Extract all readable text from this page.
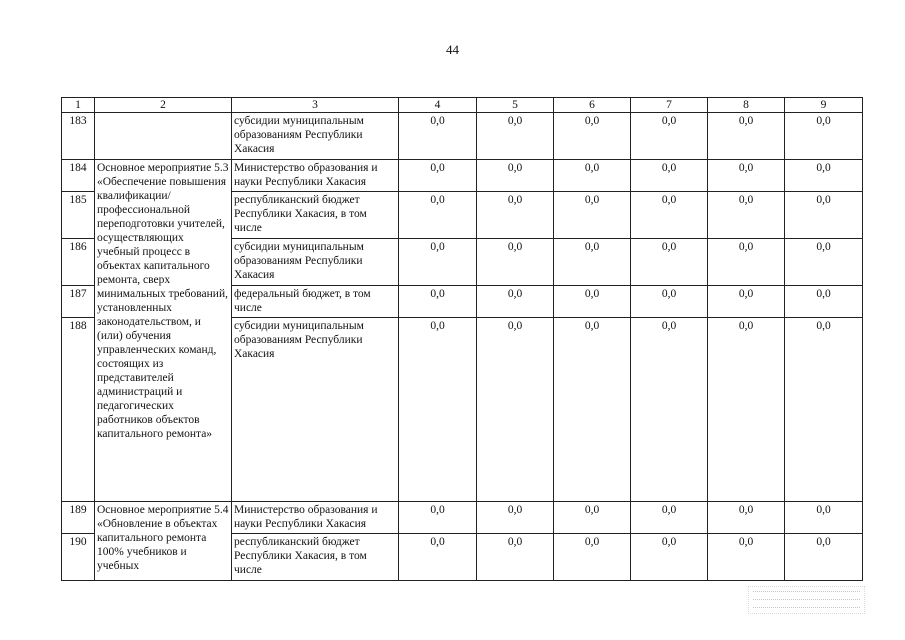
44
1	2	3	4	5	6	7	8	9
183		субсидии муниципальным образованиям Республики Хакасия	0,0	0,0	0,0	0,0	0,0	0,0
184	Основное мероприятие 5.3 «Обеспечение повышения квалификации/ профессиональной переподготовки учителей, осуществляющих учебный процесс в объектах капитального ремонта, сверх минимальных требований, установленных законодательством, и (или) обучения управленческих команд, состоящих из представителей администраций и педагогических работников объектов капитального ремонта»	Министерство образования и науки Республики Хакасия	0,0	0,0	0,0	0,0	0,0	0,0
185		республиканский бюджет Республики Хакасия, в том числе	0,0	0,0	0,0	0,0	0,0	0,0
186		субсидии муниципальным образованиям Республики Хакасия	0,0	0,0	0,0	0,0	0,0	0,0
187		федеральный бюджет, в том числе	0,0	0,0	0,0	0,0	0,0	0,0
188		субсидии муниципальным образованиям Республики Хакасия	0,0	0,0	0,0	0,0	0,0	0,0
189	Основное мероприятие 5.4 «Обновление в объектах капитального ремонта 100% учебников и учебных	Министерство образования и науки Республики Хакасия	0,0	0,0	0,0	0,0	0,0	0,0
190		республиканский бюджет Республики Хакасия, в том числе	0,0	0,0	0,0	0,0	0,0	0,0
